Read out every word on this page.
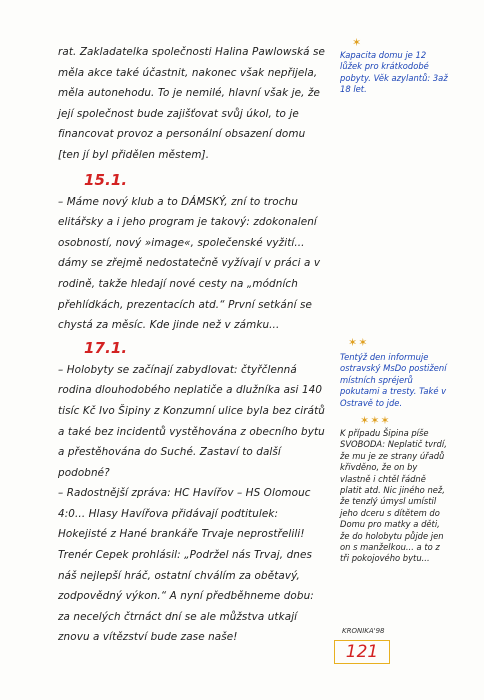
rat. Zakladatelka společnosti Halina Pawlowská se měla akce také účastnit, nakonec však nepřijela, měla autonehodu. To je nemilé, hlavní však je, že její společnost bude zajišťovat svůj úkol, to je financovat provoz a personální obsazení domu [ten jí byl přidělen městem].

15.1.

– Máme nový klub a to DÁMSKÝ, zní to trochu elitářsky a i jeho program je takový: zdokonalení osobností, nový »image«, společenské vyžití... dámy se zřejmě nedostatečně vyžívají v práci a v rodině, takže hledají nové cesty na „módních přehlídkách, prezentacích atd.“ První setkání se chystá za měsíc. Kde jinde než v zámku...

17.1.

– Holobyty se začínají zabydlovat: čtyřčlenná rodina dlouhodobého neplatiče a dlužníka asi 140 tisíc Kč Ivo Šipiny z Konzumní ulice byla bez cirátů a také bez incidentů vystěhována z obecního bytu a přestěhována do Suché. Zastaví to další podobné?

– Radostnější zpráva: HC Havířov – HS Olomouc 4:0... Hlasy Havířova přidávají podtitulek: Hokejisté z Hané brankáře Trvaje neprostřelili! Trenér Cepek prohlásil: „Podržel nás Trvaj, dnes náš nejlepší hráč, ostatní chválím za obětavý, zodpovědný výkon.“ A nyní předběhneme dobu: za necelých čtrnáct dní se ale můžstva utkají znovu a vítězství bude zase naše!

✶
Kapacita domu je 12 lůžek pro krátkodobé pobyty. Věk azylantů: 3až 18 let.
✶✶
Tentýž den informuje ostravský MsDo postižení místních spréjerů pokutami a tresty. Také v Ostravě to jde.
✶✶✶
K případu Šipina píše SVOBODA: Neplatič tvrdí, že mu je ze strany úřadů křivděno, že on by vlastně i chtěl řádně platit atd. Nic jiného než, že tenzlý úmysl umístil jeho dceru s dítětem do Domu pro matky a děti, že do holobytu půjde jen on s manželkou... a to z tři pokojového bytu...
KRONIKA'98
121
